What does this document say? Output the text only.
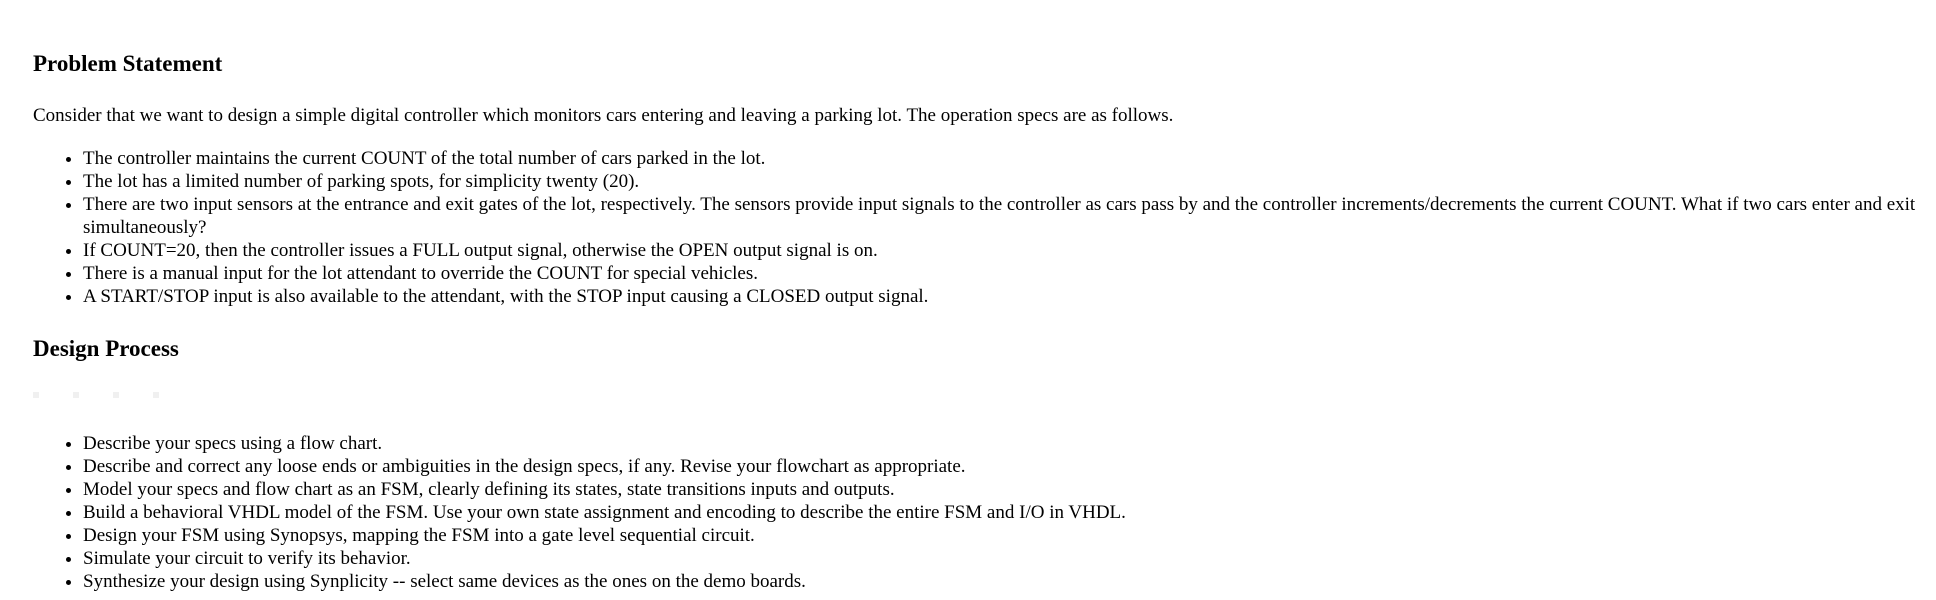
Problem Statement

Consider that we want to design a simple digital controller which monitors cars entering and leaving a parking lot. The operation specs are as follows.

• The controller maintains the current COUNT of the total number of cars parked in the lot.
• The lot has a limited number of parking spots, for simplicity twenty (20).
• There are two input sensors at the entrance and exit gates of the lot, respectively. The sensors provide input signals to the controller as cars pass by and the controller increments/decrements the current COUNT. What if two cars enter and exit simultaneously?
• If COUNT=20, then the controller issues a FULL output signal, otherwise the OPEN output signal is on.
• There is a manual input for the lot attendant to override the COUNT for special vehicles.
• A START/STOP input is also available to the attendant, with the STOP input causing a CLOSED output signal.
Design Process
• Describe your specs using a flow chart.
• Describe and correct any loose ends or ambiguities in the design specs, if any. Revise your flowchart as appropriate.
• Model your specs and flow chart as an FSM, clearly defining its states, state transitions inputs and outputs.
• Build a behavioral VHDL model of the FSM. Use your own state assignment and encoding to describe the entire FSM and I/O in VHDL.
• Design your FSM using Synopsys, mapping the FSM into a gate level sequential circuit.
• Simulate your circuit to verify its behavior.
• Synthesize your design using Synplicity -- select same devices as the ones on the demo boards.
